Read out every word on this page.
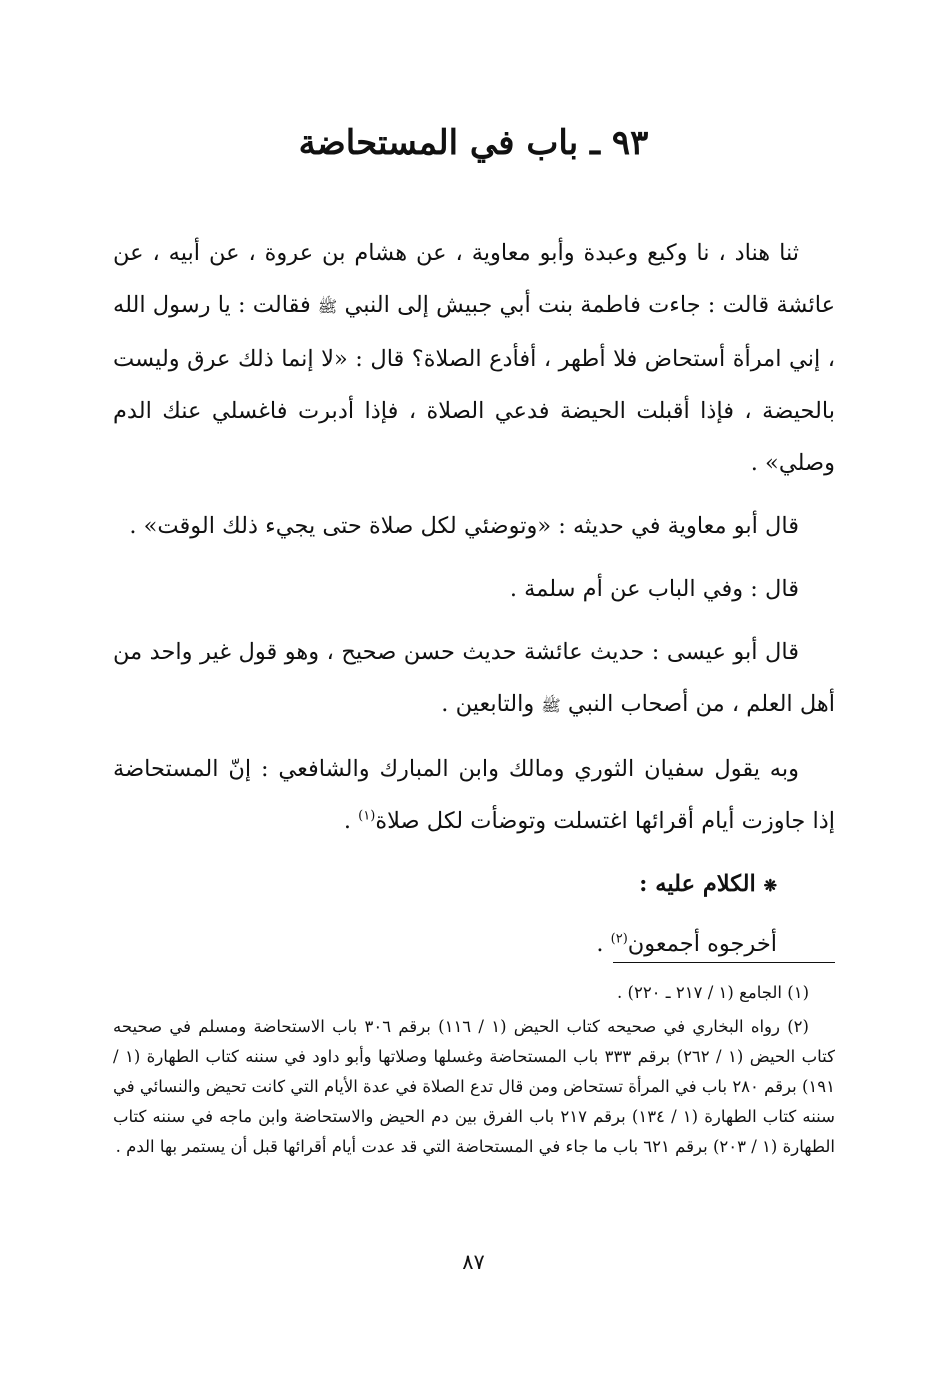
٩٣ ـ باب في المستحاضة

ثنا هناد ، نا وكيع وعبدة وأبو معاوية ، عن هشام بن عروة ، عن أبيه ، عن عائشة قالت : جاءت فاطمة بنت أبي جبيش إلى النبي ﷺ فقالت : يا رسول الله ، إني امرأة أستحاض فلا أطهر ، أفأدع الصلاة؟ قال : «لا إنما ذلك عرق وليست بالحيضة ، فإذا أقبلت الحيضة فدعي الصلاة ، فإذا أدبرت فاغسلي عنك الدم وصلي» .

قال أبو معاوية في حديثه : «وتوضئي لكل صلاة حتى يجيء ذلك الوقت» .

قال : وفي الباب عن أم سلمة .

قال أبو عيسى : حديث عائشة حديث حسن صحيح ، وهو قول غير واحد من أهل العلم ، من أصحاب النبي ﷺ والتابعين .

وبه يقول سفيان الثوري ومالك وابن المبارك والشافعي : إنّ المستحاضة إذا جاوزت أيام أقرائها اغتسلت وتوضأت لكل صلاة$^{(١)}$ .

❋ الكلام عليه :

أخرجوه أجمعون$^{(٢)}$ .

(١) الجامع (١ / ٢١٧ ـ ٢٢٠) .

(٢) رواه البخاري في صحيحه كتاب الحيض (١ / ١١٦) برقم ٣٠٦ باب الاستحاضة ومسلم في صحيحه كتاب الحيض (١ / ٢٦٢) برقم ٣٣٣ باب المستحاضة وغسلها وصلاتها وأبو داود في سننه كتاب الطهارة (١ / ١٩١) برقم ٢٨٠ باب في المرأة تستحاض ومن قال تدع الصلاة في عدة الأيام التي كانت تحيض والنسائي في سننه كتاب الطهارة (١ / ١٣٤) برقم ٢١٧ باب الفرق بين دم الحيض والاستحاضة وابن ماجه في سننه كتاب الطهارة (١ / ٢٠٣) برقم ٦٢١ باب ما جاء في المستحاضة التي قد عدت أيام أقرائها قبل أن يستمر بها الدم .

٨٧
